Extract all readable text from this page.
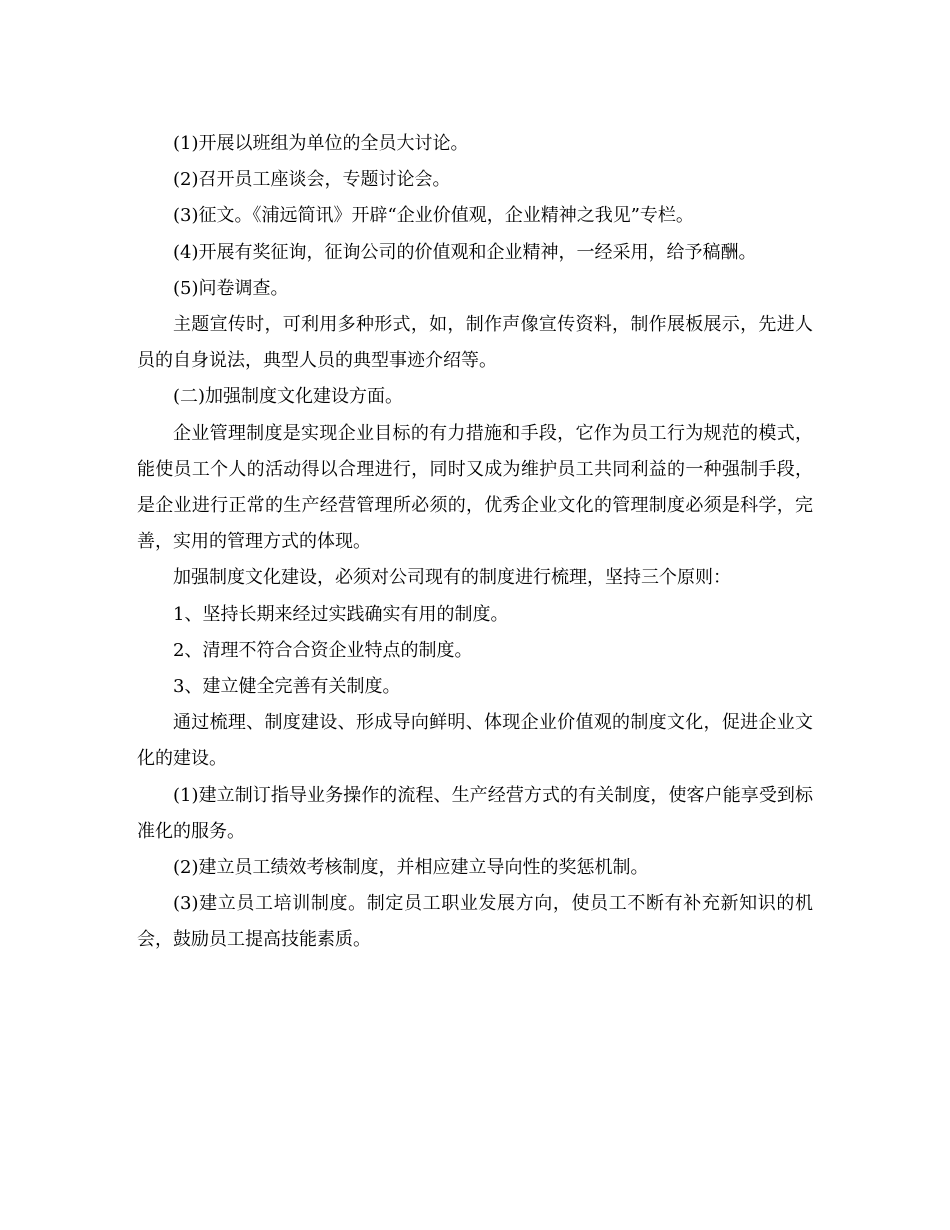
(1)开展以班组为单位的全员大讨论。

(2)召开员工座谈会，专题讨论会。

(3)征文。《浦远简讯》开辟“企业价值观，企业精神之我见”专栏。

(4)开展有奖征询，征询公司的价值观和企业精神，一经采用，给予稿酬。

(5)问卷调查。

主题宣传时，可利用多种形式，如，制作声像宣传资料，制作展板展示，先进人员的自身说法，典型人员的典型事迹介绍等。

(二)加强制度文化建设方面。

企业管理制度是实现企业目标的有力措施和手段，它作为员工行为规范的模式，能使员工个人的活动得以合理进行，同时又成为维护员工共同利益的一种强制手段，是企业进行正常的生产经营管理所必须的，优秀企业文化的管理制度必须是科学，完善，实用的管理方式的体现。

加强制度文化建设，必须对公司现有的制度进行梳理，坚持三个原则：

1、坚持长期来经过实践确实有用的制度。

2、清理不符合合资企业特点的制度。

3、建立健全完善有关制度。

通过梳理、制度建设、形成导向鲜明、体现企业价值观的制度文化，促进企业文化的建设。

(1)建立制订指导业务操作的流程、生产经营方式的有关制度，使客户能享受到标准化的服务。

(2)建立员工绩效考核制度，并相应建立导向性的奖惩机制。

(3)建立员工培训制度。制定员工职业发展方向，使员工不断有补充新知识的机会，鼓励员工提高技能素质。
